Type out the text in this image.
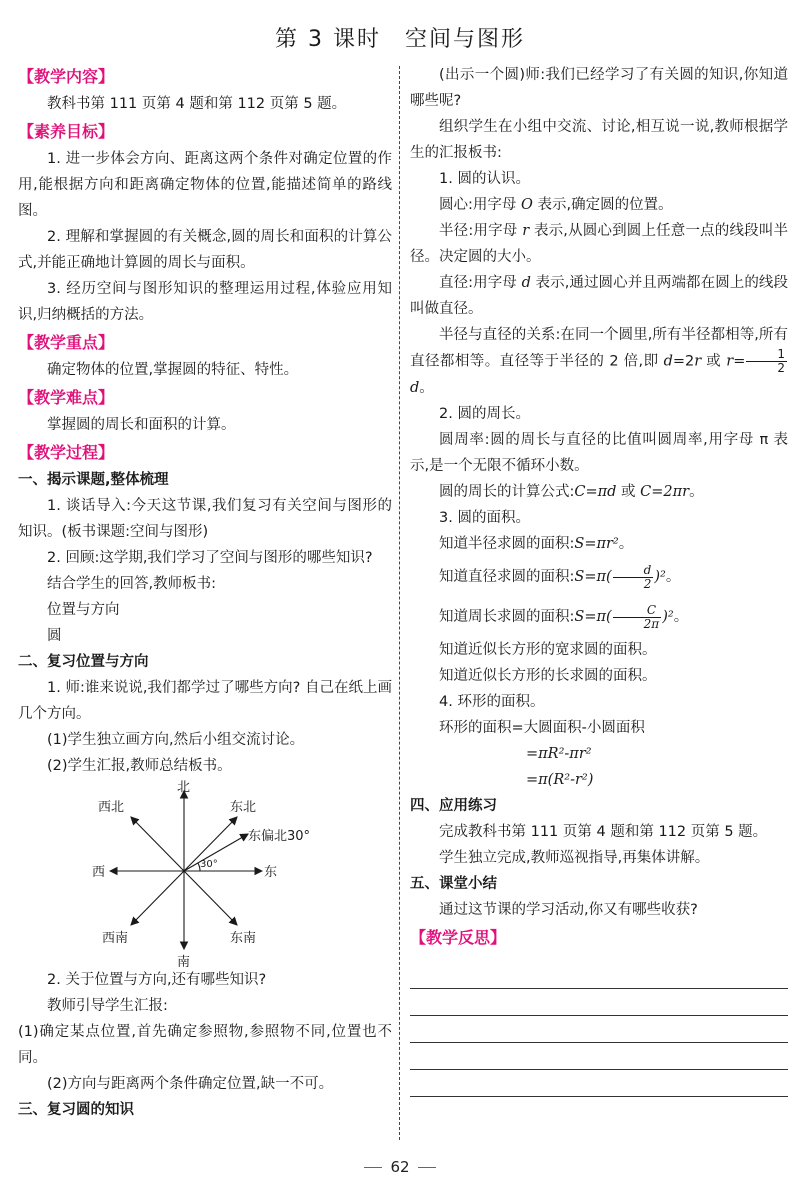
第 3 课时　空间与图形
【教学内容】

教科书第 111 页第 4 题和第 112 页第 5 题。

【素养目标】

1. 进一步体会方向、距离这两个条件对确定位置的作用,能根据方向和距离确定物体的位置,能描述简单的路线图。

2. 理解和掌握圆的有关概念,圆的周长和面积的计算公式,并能正确地计算圆的周长与面积。

3. 经历空间与图形知识的整理运用过程,体验应用知识,归纳概括的方法。

【教学重点】

确定物体的位置,掌握圆的特征、特性。

【教学难点】

掌握圆的周长和面积的计算。

【教学过程】
一、揭示课题,整体梳理

1. 谈话导入:今天这节课,我们复习有关空间与图形的知识。(板书课题:空间与图形)

2. 回顾:这学期,我们学习了空间与图形的哪些知识?

结合学生的回答,教师板书:

位置与方向

圆

二、复习位置与方向

1. 师:谁来说说,我们都学过了哪些方向? 自己在纸上画几个方向。

(1)学生独立画方向,然后小组交流讨论。

(2)学生汇报,教师总结板书。

北
南
东
西
东北
西北
东南
西南
东偏北30°
30°

2. 关于位置与方向,还有哪些知识?

教师引导学生汇报:

(1)确定某点位置,首先确定参照物,参照物不同,位置也不同。

(2)方向与距离两个条件确定位置,缺一不可。

三、复习圆的知识

(出示一个圆)师:我们已经学习了有关圆的知识,你知道哪些呢?

组织学生在小组中交流、讨论,相互说一说,教师根据学生的汇报板书:

1. 圆的认识。

圆心:用字母 O 表示,确定圆的位置。

半径:用字母 r 表示,从圆心到圆上任意一点的线段叫半径。决定圆的大小。

直径:用字母 d 表示,通过圆心并且两端都在圆上的线段叫做直径。

半径与直径的关系:在同一个圆里,所有半径都相等,所有直径都相等。直径等于半径的 2 倍,即 d=2r 或 $r= \frac{1}{2}$
d。

2. 圆的周长。

圆周率:圆的周长与直径的比值叫圆周率,用字母 π 表示,是一个无限不循环小数。

圆的周长的计算公式:C=πd 或 C=2πr。

3. 圆的面积。

知道半径求圆的面积:S=πr²。

知道直径求圆的面积:S=π( $\frac{d}{2} )^2$。

知道周长求圆的面积:S=π( $\frac{C}{2\pi} )^2$。

知道近似长方形的宽求圆的面积。

知道近似长方形的长求圆的面积。

4. 环形的面积。

环形的面积=大圆面积-小圆面积

=πR²-πr²

=π(R²-r²)

四、应用练习

完成教科书第 111 页第 4 题和第 112 页第 5 题。

学生独立完成,教师巡视指导,再集体讲解。

五、课堂小结

通过这节课的学习活动,你又有哪些收获?

【教学反思】
62
